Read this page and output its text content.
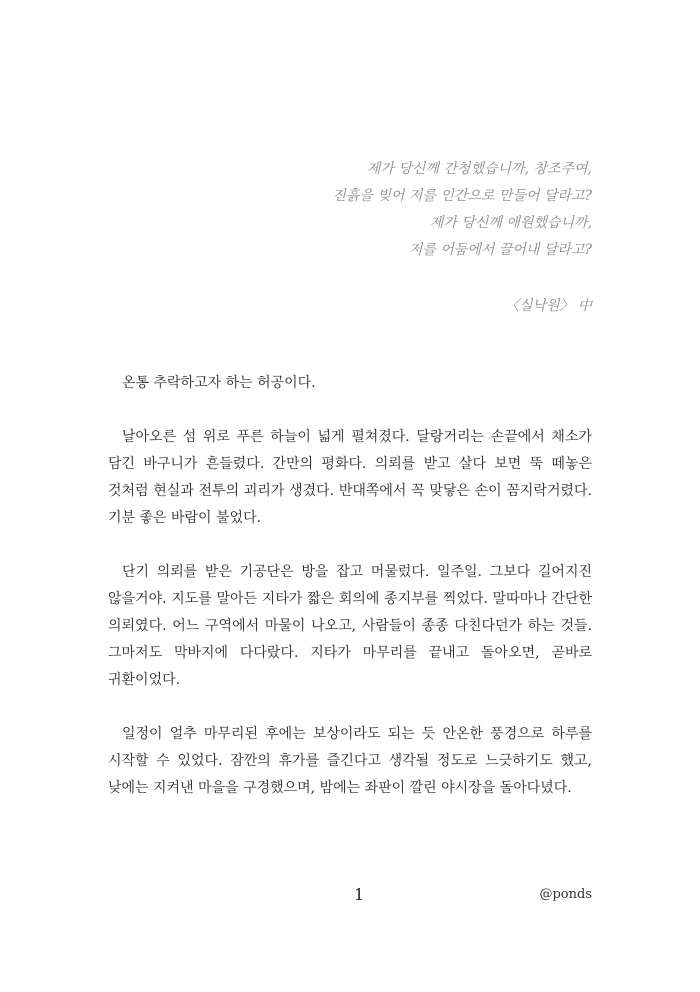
제가 당신께 간청했습니까, 창조주여,
진흙을 빚어 저를 인간으로 만들어 달라고?
제가 당신께 애원했습니까,
저를 어둠에서 끌어내 달라고?
〈실낙원〉 中

온통 추락하고자 하는 허공이다.

날아오른 섬 위로 푸른 하늘이 넓게 펼쳐졌다. 달랑거리는 손끝에서 채소가 담긴 바구니가 흔들렸다. 간만의 평화다. 의뢰를 받고 살다 보면 뚝 떼놓은 것처럼 현실과 전투의 괴리가 생겼다. 반대쪽에서 꼭 맞닿은 손이 꼼지락거렸다. 기분 좋은 바람이 불었다.

단기 의뢰를 받은 기공단은 방을 잡고 머물렀다. 일주일. 그보다 길어지진 않을거야. 지도를 말아든 지타가 짧은 회의에 종지부를 찍었다. 말따마나 간단한 의뢰였다. 어느 구역에서 마물이 나오고, 사람들이 종종 다친다던가 하는 것들. 그마저도 막바지에 다다랐다. 지타가 마무리를 끝내고 돌아오면, 곧바로 귀환이었다.

일정이 얼추 마무리된 후에는 보상이라도 되는 듯 안온한 풍경으로 하루를 시작할 수 있었다. 잠깐의 휴가를 즐긴다고 생각될 정도로 느긋하기도 했고, 낮에는 지켜낸 마을을 구경했으며, 밤에는 좌판이 깔린 야시장을 돌아다녔다.

1	@ponds
